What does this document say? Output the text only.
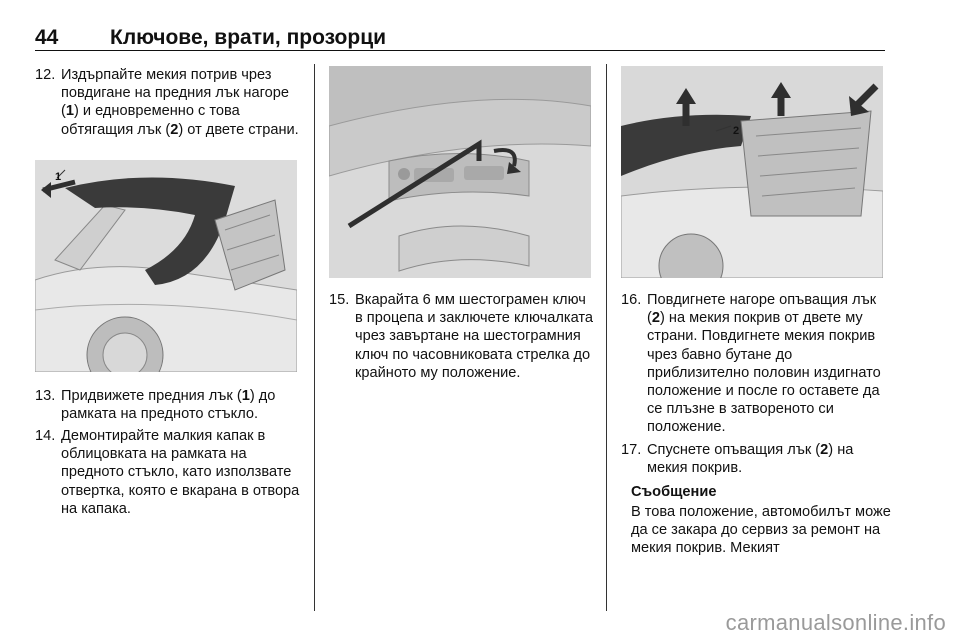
44 Ключове, врати, прозорци
12. Издърпайте мекия потрив чрез повдигане на предния лък нагоре (1) и едновременно с това обтягащия лък (2) от двете страни.
1
13. Придвижете предния лък (1) до рамката на предното стъкло.
14. Демонтирайте малкия капак в облицовката на рамката на предното стъкло, като използвате отвертка, която е вкарана в отвора на капака.
15. Вкарайта 6 мм шестограмен ключ в процепа и заключете ключалката чрез завъртане на шестограмния ключ по часовниковата стрелка до крайното му положение.
2
16. Повдигнете нагоре опъващия лък (2) на мекия покрив от двете му страни. Повдигнете мекия покрив чрез бавно бутане до приблизително половин издигнато положение и после го оставете да се плъзне в затвореното си положение.
17. Спуснете опъващия лък (2) на мекия покрив.
Съобщение
В това положение, автомобилът може да се закара до сервиз за ремонт на мекия покрив. Мекият
carmanualsonline.info
